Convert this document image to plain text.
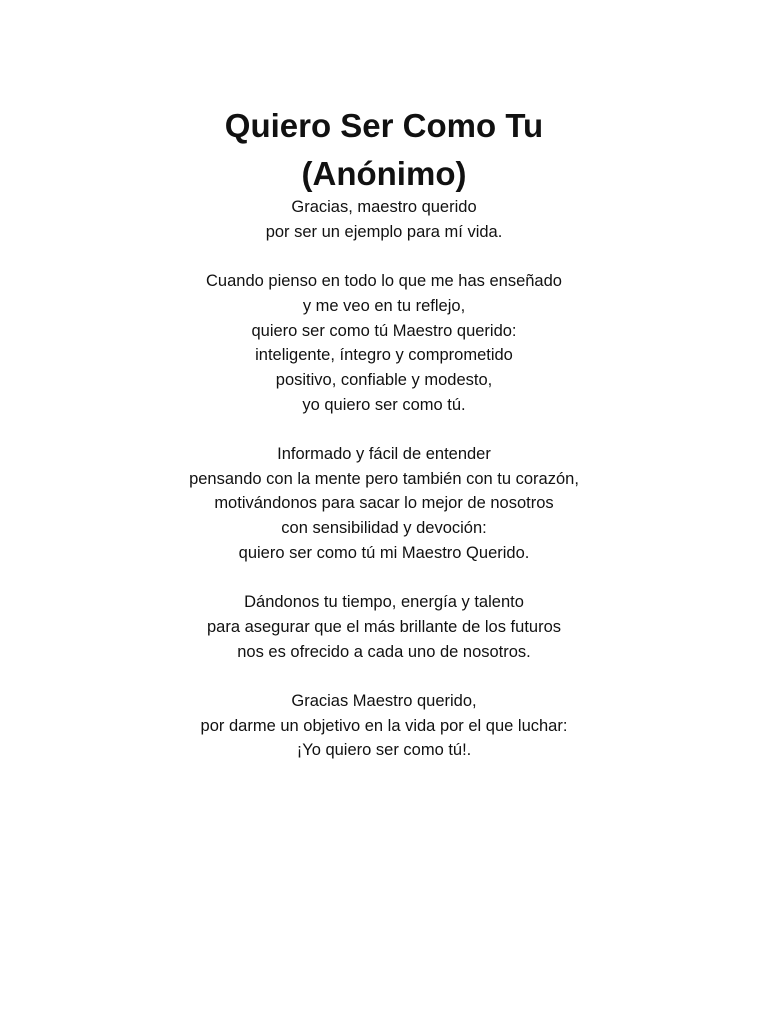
Quiero Ser Como Tu
(Anónimo)
Gracias, maestro querido
por ser un ejemplo para mí vida.
Cuando pienso en todo lo que me has enseñado
y me veo en tu reflejo,
quiero ser como tú Maestro querido:
inteligente, íntegro y comprometido
positivo, confiable y modesto,
yo quiero ser como tú.
Informado y fácil de entender
pensando con la mente pero también con tu corazón,
motivándonos para sacar lo mejor de nosotros
con sensibilidad y devoción:
quiero ser como tú mi Maestro Querido.
Dándonos tu tiempo, energía y talento
para asegurar que el más brillante de los futuros
nos es ofrecido a cada uno de nosotros.
Gracias Maestro querido,
por darme un objetivo en la vida por el que luchar:
¡Yo quiero ser como tú!.
